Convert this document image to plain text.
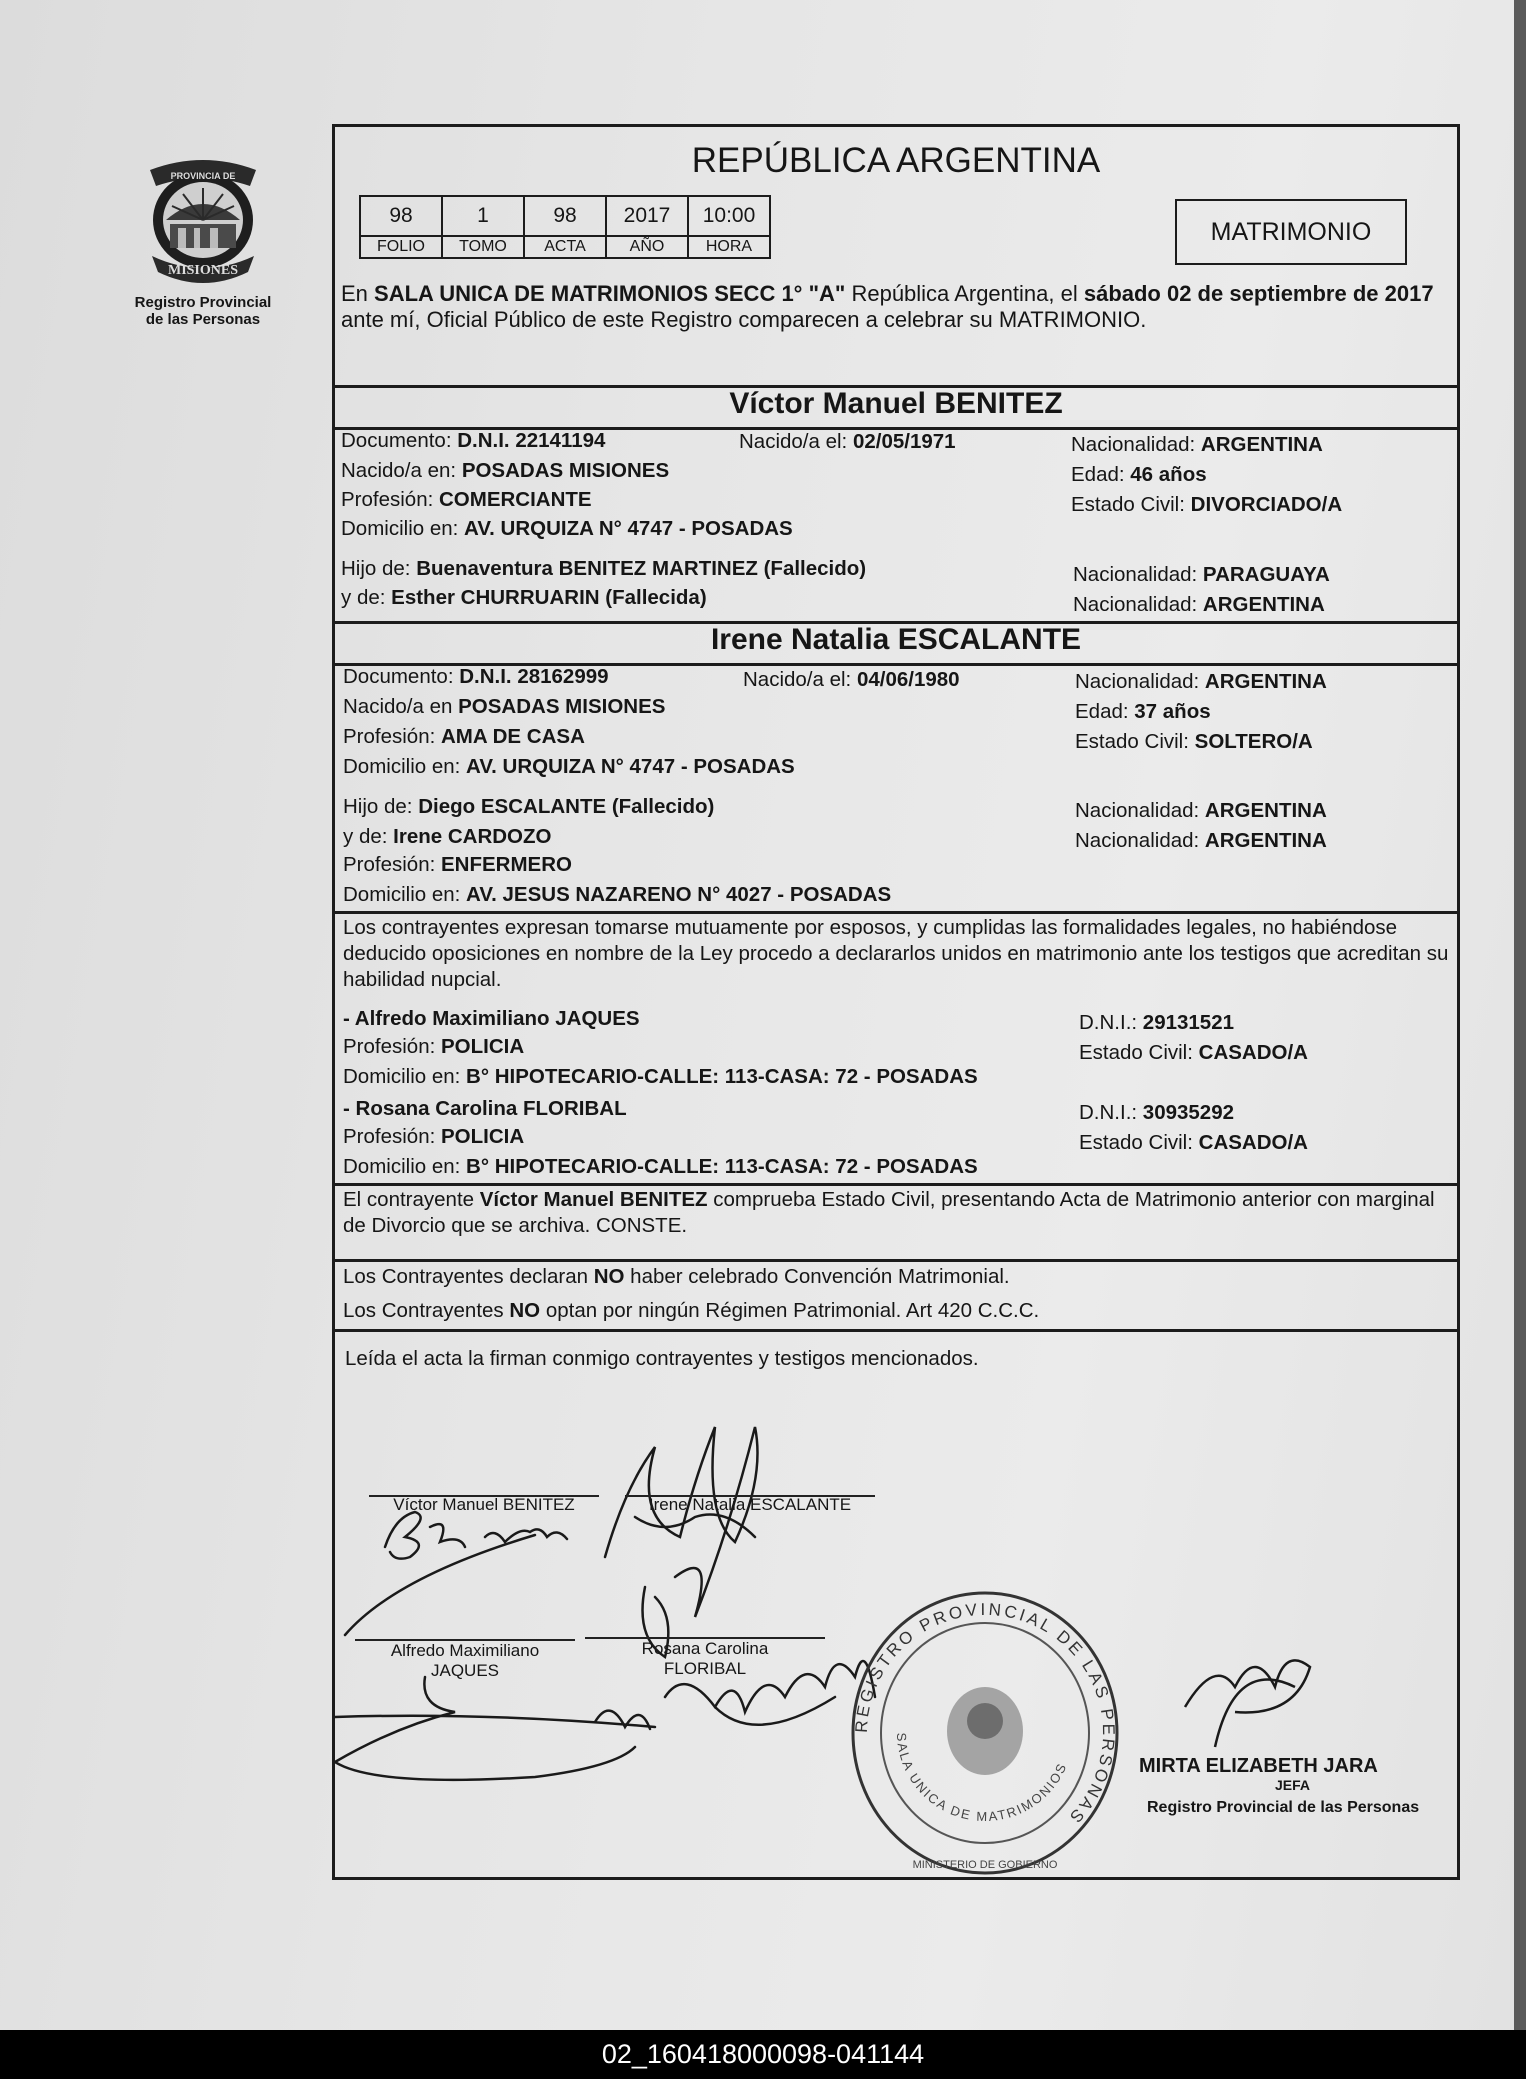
PROVINCIA DE
MISIONES
Registro Provincial
de las Personas
REPÚBLICA ARGENTINA
98	1	98	2017	10:00
FOLIO	TOMO	ACTA	AÑO	HORA
MATRIMONIO
En SALA UNICA DE MATRIMONIOS SECC 1° "A" República Argentina, el sábado 02 de septiembre de 2017 ante mí, Oficial Público de este Registro comparecen a celebrar su MATRIMONIO.
Víctor Manuel BENITEZ
Documento: D.N.I. 22141194	Nacido/a el: 02/05/1971	Nacionalidad: ARGENTINA
Nacido/a en: POSADAS MISIONES	Edad: 46 años
Profesión: COMERCIANTE	Estado Civil: DIVORCIADO/A
Domicilio en: AV. URQUIZA N° 4747 - POSADAS
Hijo de: Buenaventura BENITEZ MARTINEZ (Fallecido)	Nacionalidad: PARAGUAYA
y de: Esther CHURRUARIN (Fallecida)	Nacionalidad: ARGENTINA
Irene Natalia ESCALANTE
Documento: D.N.I. 28162999	Nacido/a el: 04/06/1980	Nacionalidad: ARGENTINA
Nacido/a en POSADAS MISIONES	Edad: 37 años
Profesión: AMA DE CASA	Estado Civil: SOLTERO/A
Domicilio en: AV. URQUIZA N° 4747 - POSADAS
Hijo de: Diego ESCALANTE (Fallecido)	Nacionalidad: ARGENTINA
y de: Irene CARDOZO	Nacionalidad: ARGENTINA
Profesión: ENFERMERO
Domicilio en: AV. JESUS NAZARENO N° 4027 - POSADAS
Los contrayentes expresan tomarse mutuamente por esposos, y cumplidas las formalidades legales, no habiéndose deducido oposiciones en nombre de la Ley procedo a declararlos unidos en matrimonio ante los testigos que acreditan su habilidad nupcial.
- Alfredo Maximiliano JAQUES	D.N.I.: 29131521
Profesión: POLICIA	Estado Civil: CASADO/A
Domicilio en: B° HIPOTECARIO-CALLE: 113-CASA: 72 - POSADAS
- Rosana Carolina FLORIBAL	D.N.I.: 30935292
Profesión: POLICIA	Estado Civil: CASADO/A
Domicilio en: B° HIPOTECARIO-CALLE: 113-CASA: 72 - POSADAS
El contrayente Víctor Manuel BENITEZ comprueba Estado Civil, presentando Acta de Matrimonio anterior con marginal de Divorcio que se archiva. CONSTE.
Los Contrayentes declaran NO haber celebrado Convención Matrimonial.
Los Contrayentes NO optan por ningún Régimen Patrimonial. Art 420 C.C.C.
Leída el acta la firman conmigo contrayentes y testigos mencionados.
Víctor Manuel BENITEZ	Irene Natalia ESCALANTE
Alfredo Maximiliano
JAQUES
Rosana Carolina
FLORIBAL
REGISTRO PROVINCIAL DE LAS PERSONAS
SALA UNICA DE MATRIMONIOS
MINISTERIO DE GOBIERNO
MIRTA ELIZABETH JARA
JEFA
Registro Provincial de las Personas
02_160418000098-041144
